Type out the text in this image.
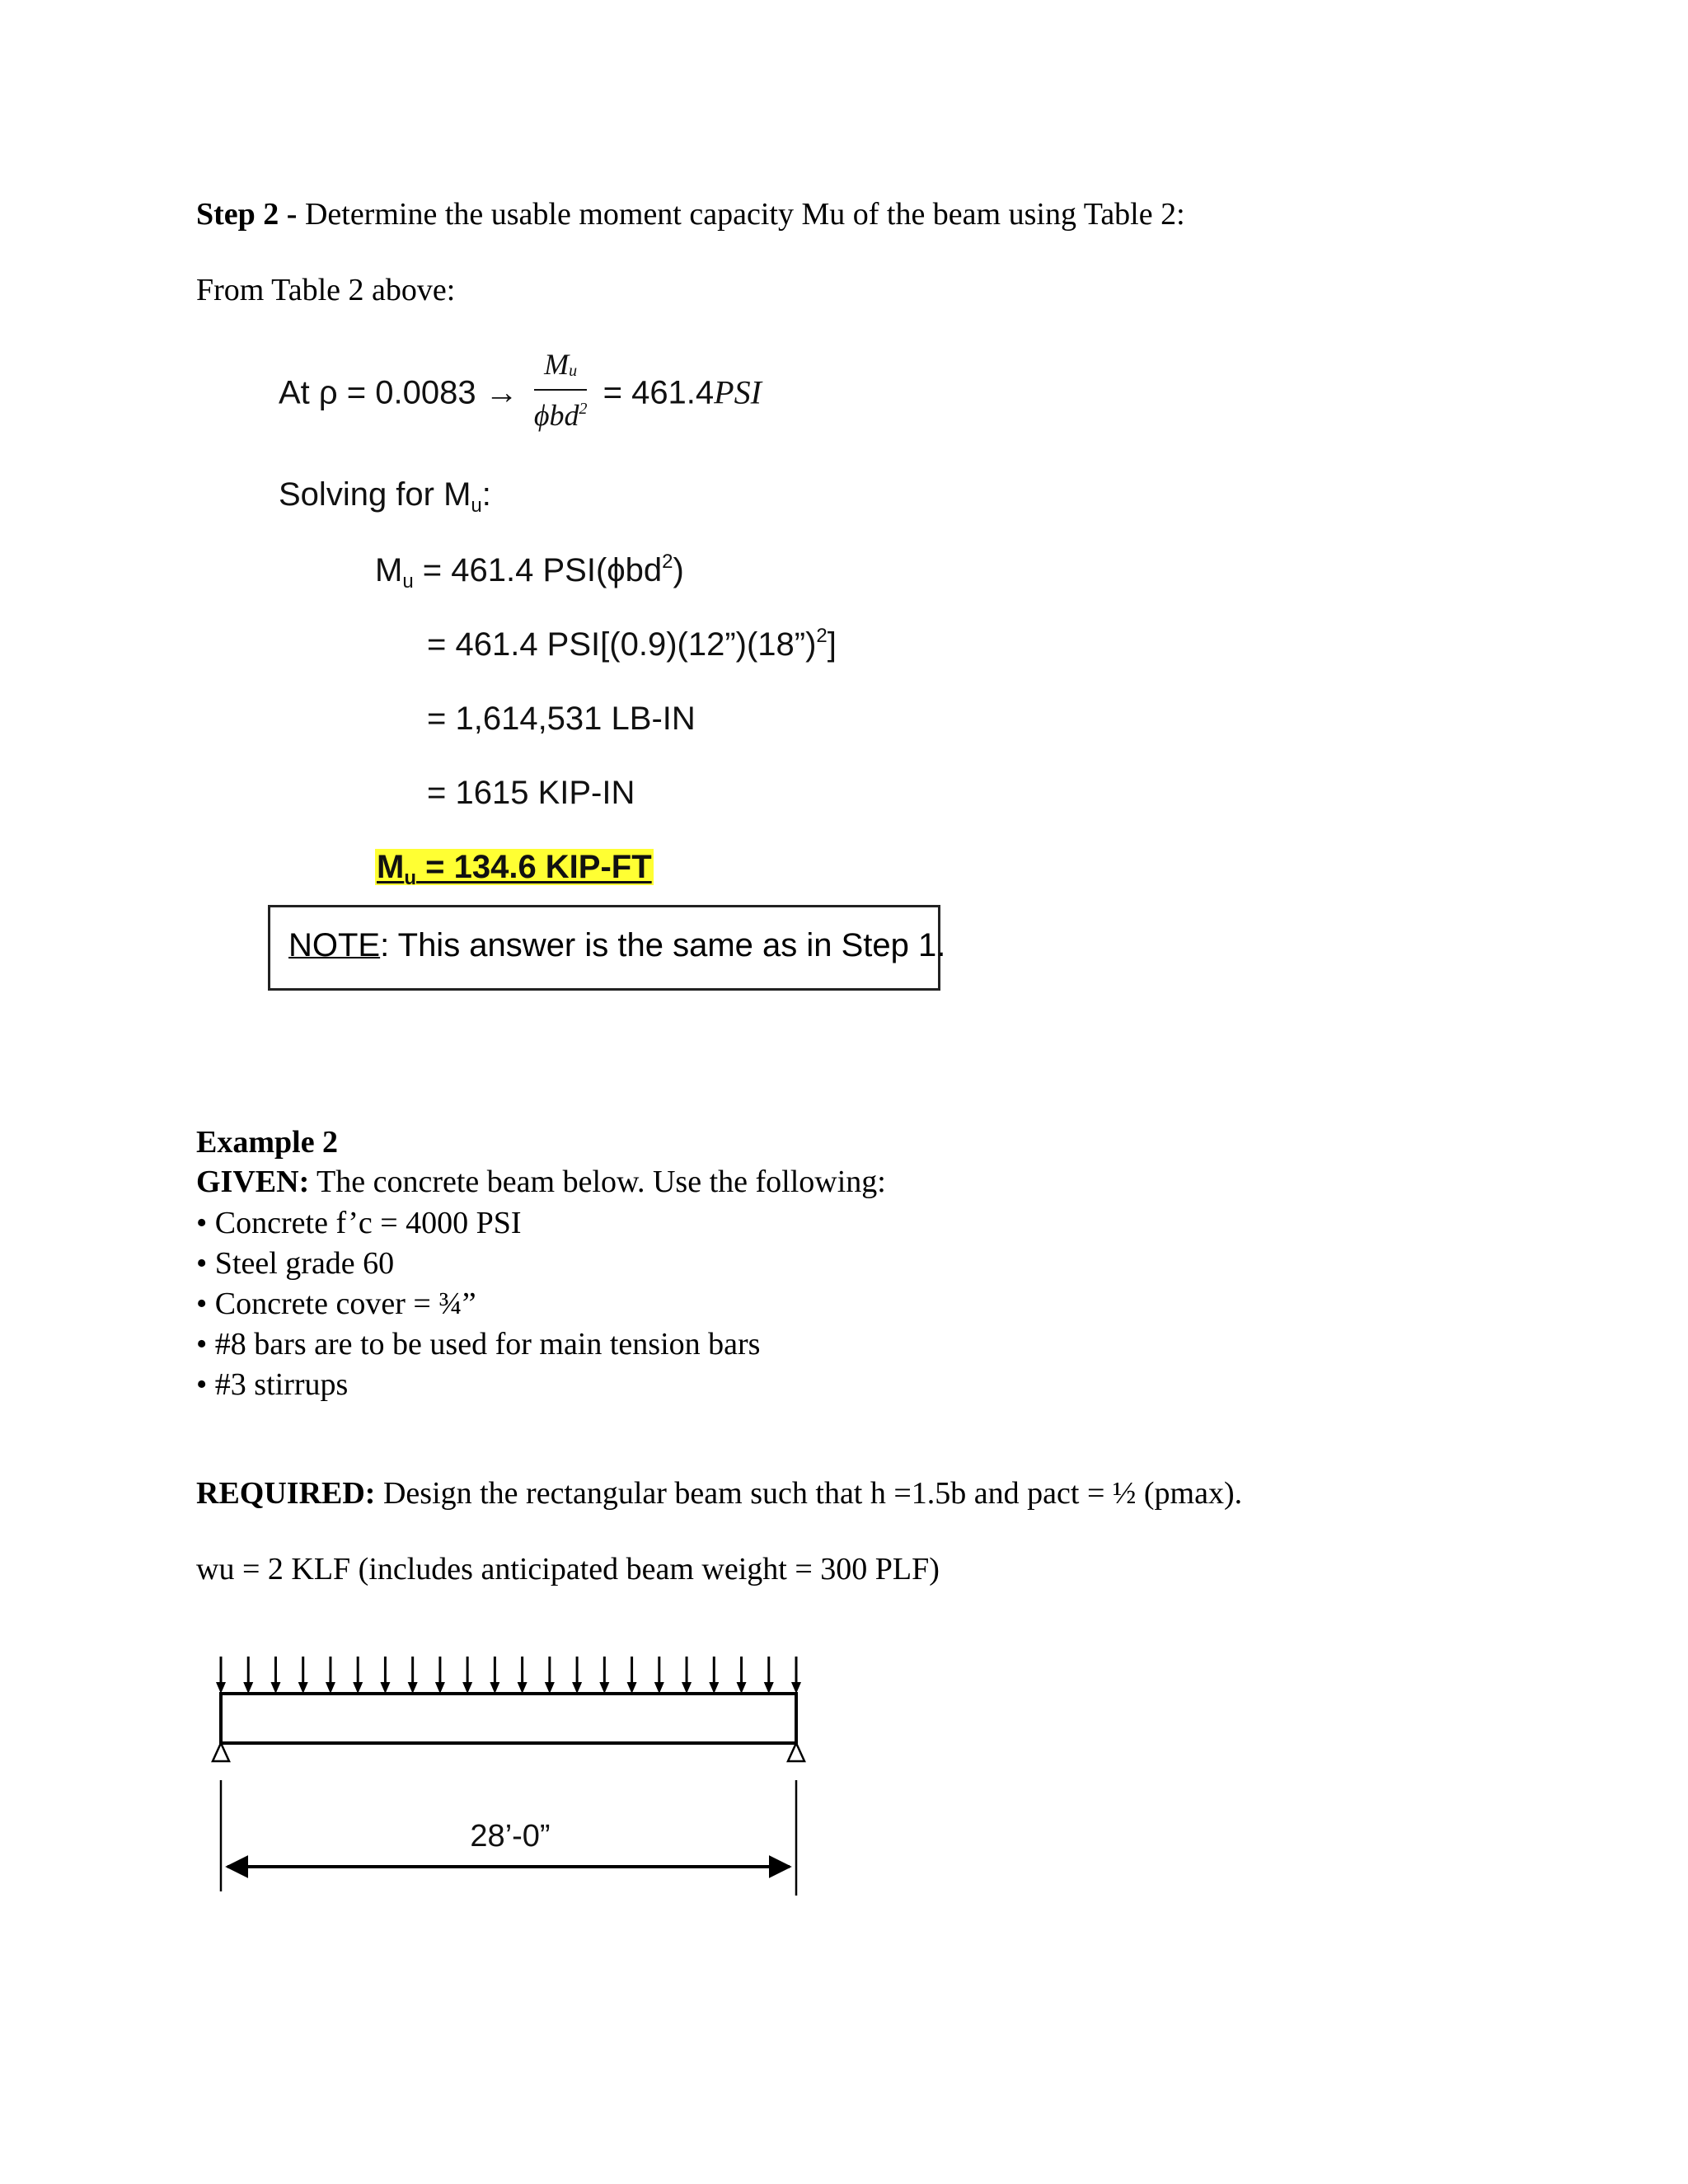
Step 2 - Determine the usable moment capacity Mu of the beam using Table 2:
From Table 2 above:
At $\rho = 0.0083 \to \frac{M_u}{\phi bd^2} = 461.4PSI$
Solving for $M_u$:
$M_u = 461.4$ PSI(ϕbd$^2$)
= 461.4 PSI[(0.9)(12”)(18”)$^2$]
= 1,614,531 LB-IN
= 1615 KIP-IN
$M_u = 134.6$ KIP-FT
NOTE: This answer is the same as in Step 1.
Example 2
GIVEN: The concrete beam below. Use the following:
• Concrete f’c = 4000 PSI
• Steel grade 60
• Concrete cover = ¾”
• #8 bars are to be used for main tension bars
• #3 stirrups
REQUIRED: Design the rectangular beam such that h =1.5b and pact = ½ (pmax).
wu = 2 KLF (includes anticipated beam weight = 300 PLF)
28’-0”
